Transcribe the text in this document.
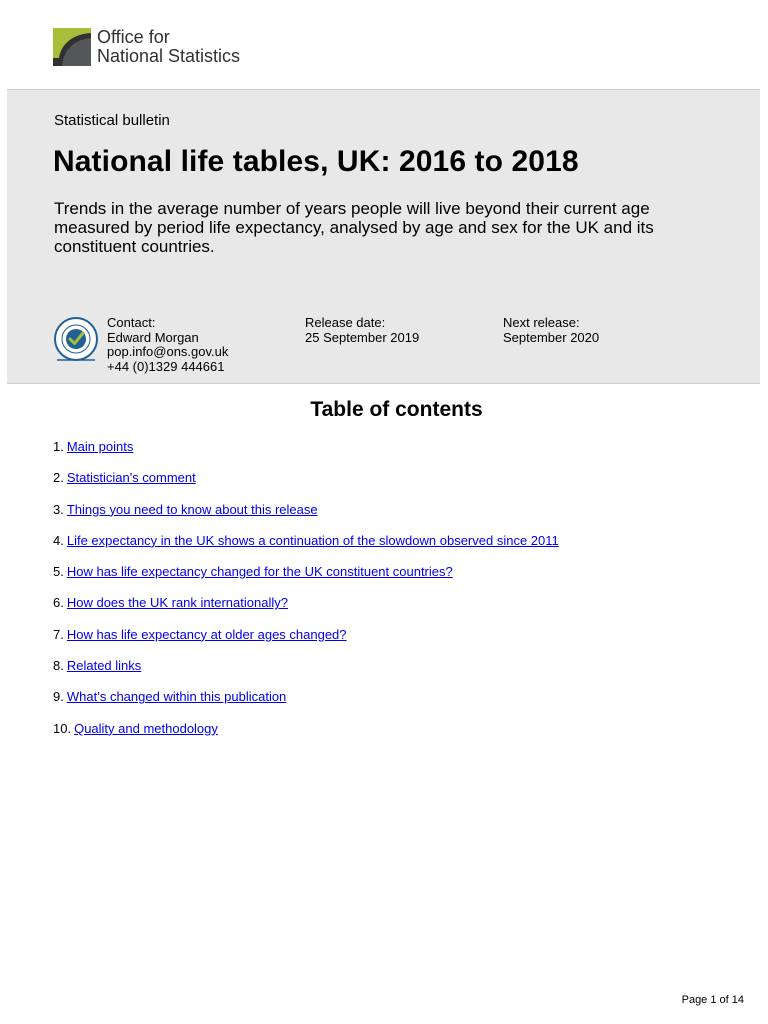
Office for
National Statistics
Statistical bulletin
National life tables, UK: 2016 to 2018

Trends in the average number of years people will live beyond their current age measured by period life expectancy, analysed by age and sex for the UK and its constituent countries.

Contact:
Edward Morgan
pop.info@ons.gov.uk
+44 (0)1329 444661
Release date:
25 September 2019
Next release:
September 2020
Table of contents
1. Main points
2. Statistician's comment
3. Things you need to know about this release
4. Life expectancy in the UK shows a continuation of the slowdown observed since 2011
5. How has life expectancy changed for the UK constituent countries?
6. How does the UK rank internationally?
7. How has life expectancy at older ages changed?
8. Related links
9. What’s changed within this publication
10. Quality and methodology
Page 1 of 14
